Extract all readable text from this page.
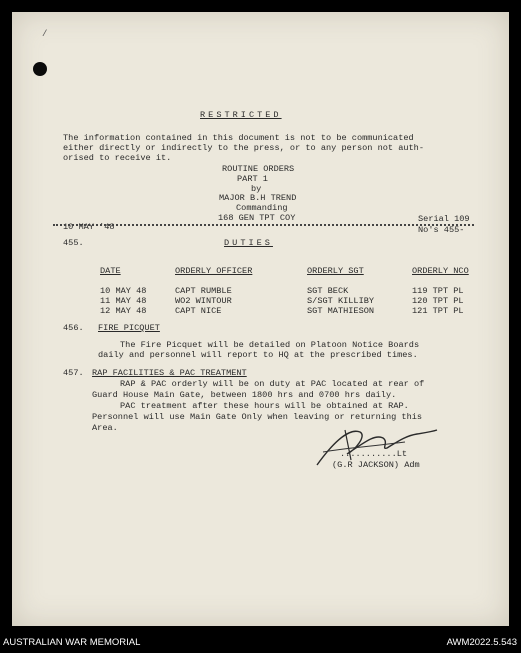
/
RESTRICTED
The information contained in this document is not to be communicated
either directly or indirectly to the press, or to any person not auth-
orised to receive it.
ROUTINE ORDERS
PART 1
by
MAJOR B.H TREND
Commanding
168 GEN TPT COY
10 MAY '48
Serial 109
No's 455-
455.	DUTIES
DATE	ORDERLY OFFICER	ORDERLY SGT	ORDERLY NCO
10 MAY 48	CAPT RUMBLE	SGT BECK	119 TPT PL
11 MAY 48	WO2 WINTOUR	S/SGT KILLIBY	120 TPT PL
12 MAY 48	CAPT NICE	SGT MATHIESON	121 TPT PL
456. FIRE PICQUET
The Fire Picquet will be detailed on Platoon Notice Boards
daily and personnel will report to HQ at the prescribed times.
457. RAP FACILITIES & PAC TREATMENT
RAP & PAC orderly will be on duty at PAC located at rear of
Guard House Main Gate, between 1800 hrs and 0700 hrs daily.
PAC treatment after these hours will be obtained at RAP.
Personnel will use Main Gate Only when leaving or returning this
Area.
...........Lt
(G.R JACKSON) Adm
AUSTRALIAN WAR MEMORIAL	AWM2022.5.543
